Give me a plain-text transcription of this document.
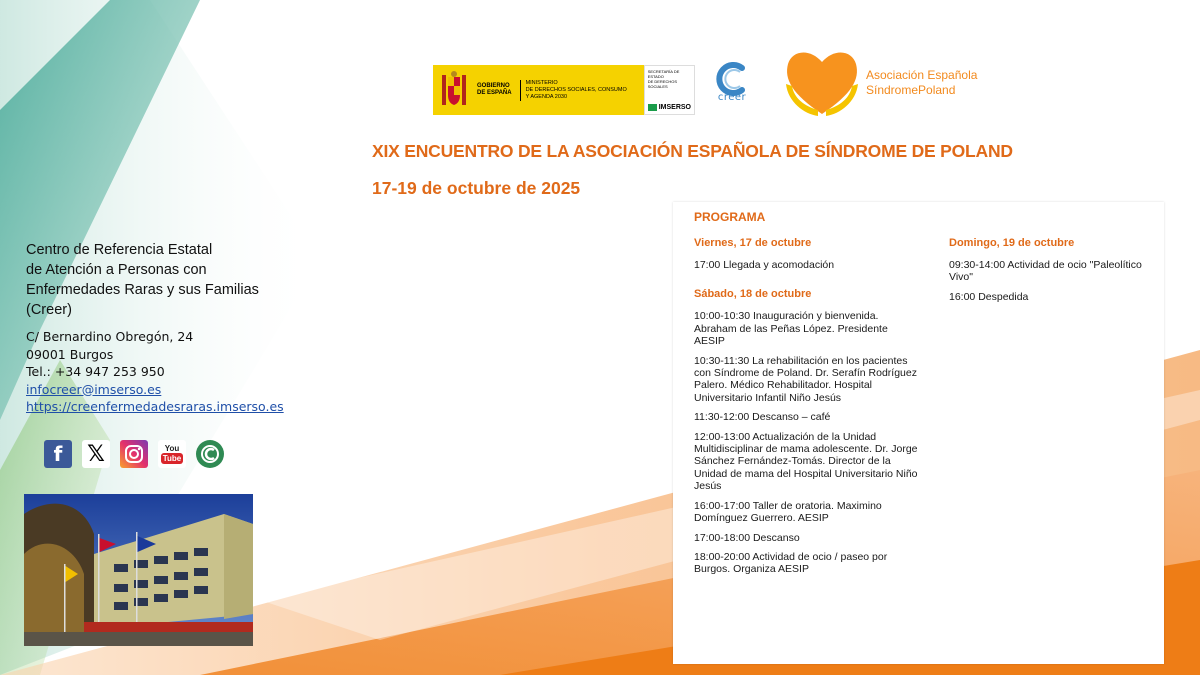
GOBIERNO
DE ESPAÑA
MINISTERIO
DE DERECHOS SOCIALES, CONSUMO
Y AGENDA 2030
SECRETARÍA DE ESTADO
DE DERECHOS SOCIALES
IMSERSO
creer
Asociación Española
SíndromePoland
XIX ENCUENTRO DE LA ASOCIACIÓN ESPAÑOLA DE SÍNDROME DE POLAND
17-19 de octubre de 2025
PROGRAMA
Viernes, 17 de octubre
17:00 Llegada y acomodación
Sábado, 18 de octubre
10:00-10:30 Inauguración y bienvenida. Abraham de las Peñas López. Presidente AESIP
10:30-11:30 La rehabilitación en los pacientes con Síndrome de Poland. Dr. Serafín Rodríguez Palero. Médico Rehabilitador. Hospital Universitario Infantil Niño Jesús
11:30-12:00 Descanso – café
12:00-13:00 Actualización de la Unidad Multidisciplinar de mama adolescente. Dr. Jorge Sánchez Fernández-Tomás. Director de la Unidad de mama del Hospital Universitario Niño Jesús
16:00-17:00 Taller de oratoria. Maximino Domínguez Guerrero. AESIP
17:00-18:00 Descanso
18:00-20:00 Actividad de ocio / paseo por Burgos. Organiza AESIP
Domingo, 19 de octubre
09:30-14:00 Actividad de ocio "Paleolítico Vivo"
16:00 Despedida
Centro de Referencia Estatal
de Atención a Personas con
Enfermedades Raras y sus Familias
(Creer)
C/ Bernardino Obregón, 24
09001 Burgos
Tel.: +34 947 253 950
infocreer@imserso.es
https://creenfermedadesraras.imserso.es
f 𝕏	You
Tube
